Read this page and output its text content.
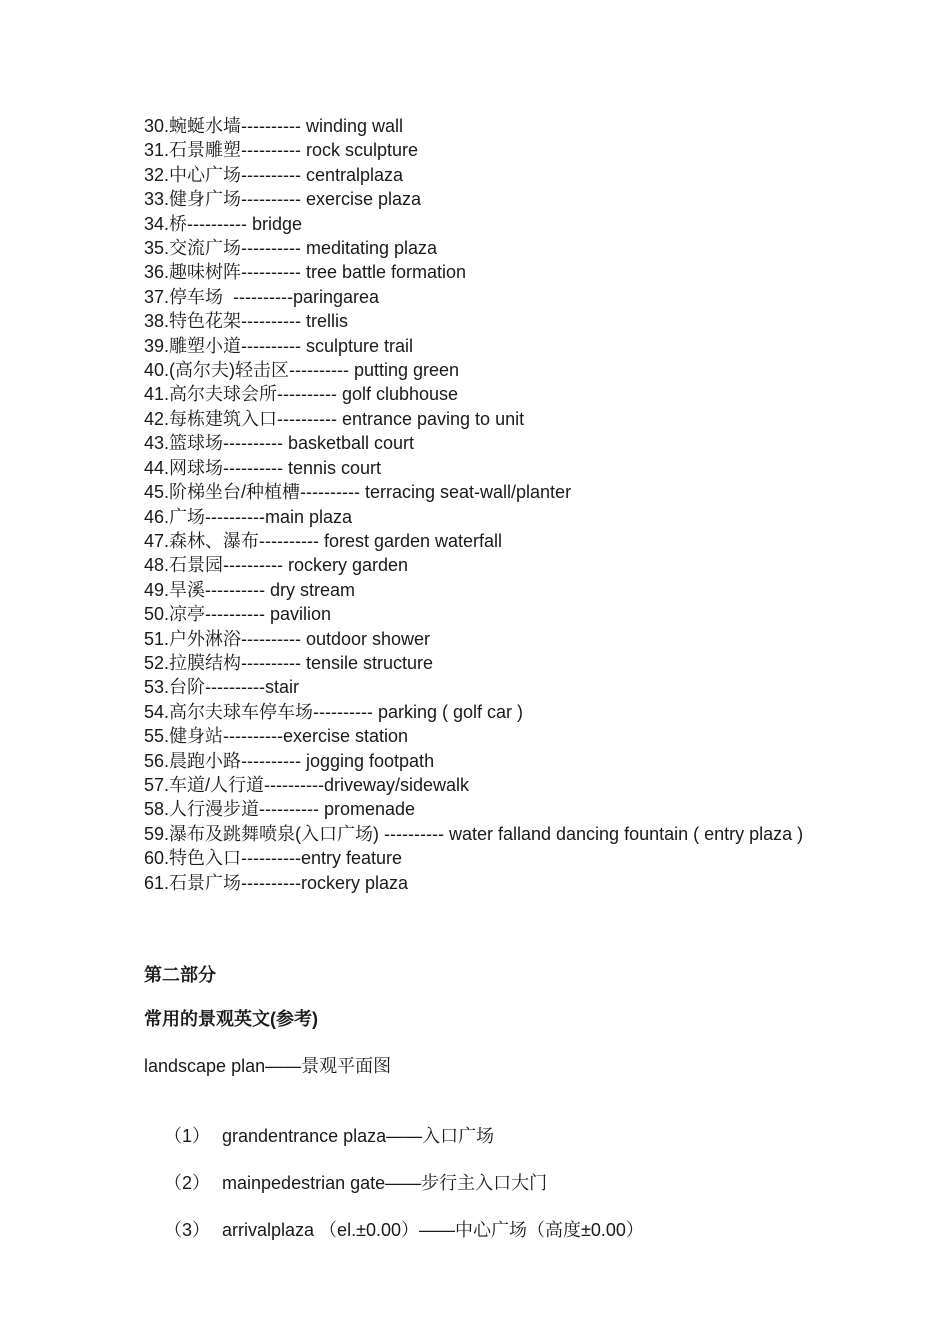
30.蜿蜒水墙---------- winding wall
31.石景雕塑---------- rock sculpture
32.中心广场---------- centralplaza
33.健身广场---------- exercise plaza
34.桥---------- bridge
35.交流广场---------- meditating plaza
36.趣味树阵---------- tree battle formation
37.停车场  ----------paringarea
38.特色花架---------- trellis
39.雕塑小道---------- sculpture trail
40.(高尔夫)轻击区---------- putting green
41.高尔夫球会所---------- golf clubhouse
42.每栋建筑入口---------- entrance paving to unit
43.篮球场---------- basketball court
44.网球场---------- tennis court
45.阶梯坐台/种植槽---------- terracing seat-wall/planter
46.广场----------main plaza
47.森林、瀑布---------- forest garden waterfall
48.石景园---------- rockery garden
49.旱溪---------- dry stream
50.凉亭---------- pavilion
51.户外淋浴---------- outdoor shower
52.拉膜结构---------- tensile structure
53.台阶----------stair
54.高尔夫球车停车场---------- parking ( golf car )
55.健身站----------exercise station
56.晨跑小路---------- jogging footpath
57.车道/人行道----------driveway/sidewalk
58.人行漫步道---------- promenade
59.瀑布及跳舞喷泉(入口广场) ---------- water falland dancing fountain ( entry plaza )
60.特色入口----------entry feature
61.石景广场----------rockery plaza
第二部分
常用的景观英文(参考)
landscape plan——景观平面图

（1） grandentrance plaza——入口广场

（2） mainpedestrian gate——步行主入口大门

（3） arrivalplaza （el.±0.00）——中心广场（高度±0.00）
